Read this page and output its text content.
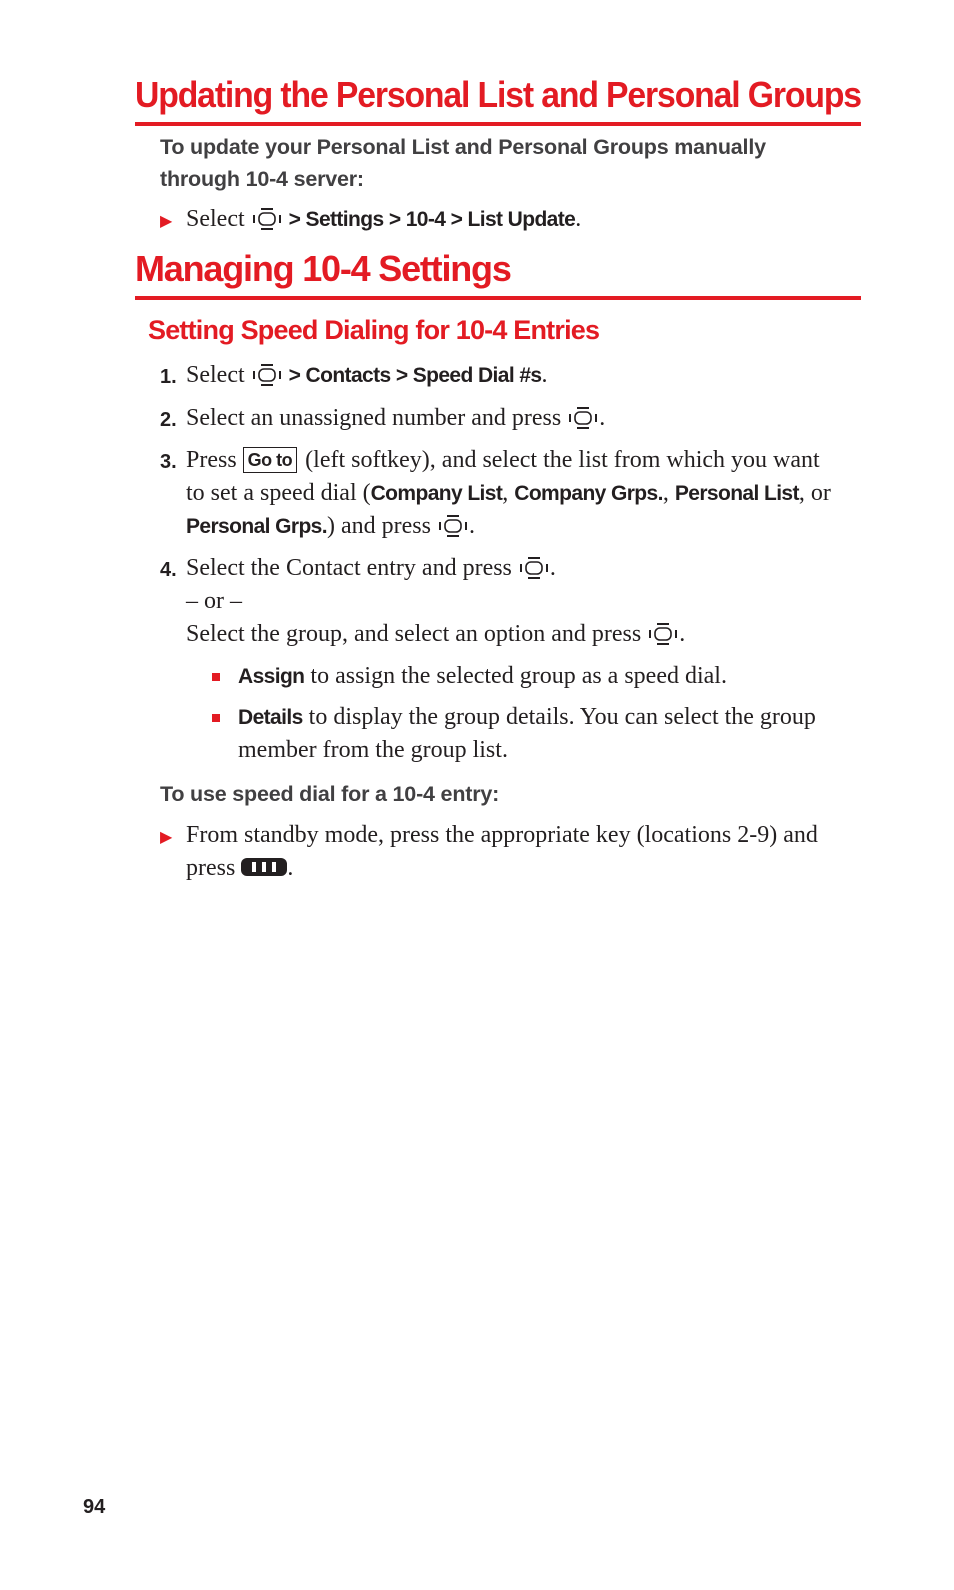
Updating the Personal List and Personal Groups

To update your Personal List and Personal Groups manually through 10-4 server:

▶ Select > Settings > 10-4 > List Update.
Managing 10-4 Settings
Setting Speed Dialing for 10-4 Entries
1. Select > Contacts > Speed Dial #s.
2. Select an unassigned number and press .
3. Press Go to (left softkey), and select the list from which you want to set a speed dial (Company List, Company Grps., Personal List, or Personal Grps.) and press .
4. Select the Contact entry and press .
– or –
Select the group, and select an option and press .
Assign to assign the selected group as a speed dial.
Details to display the group details. You can select the group member from the group list.

To use speed dial for a 10-4 entry:

▶ From standby mode, press the appropriate key (locations 2-9) and press .
94
